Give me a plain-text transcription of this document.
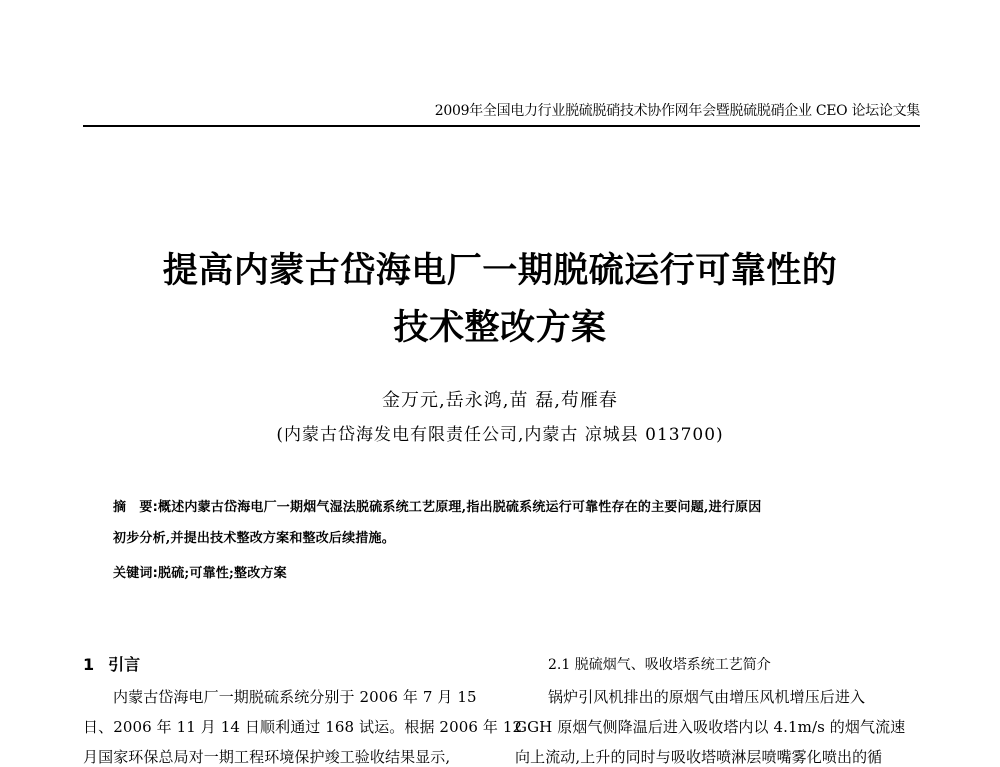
2009年全国电力行业脱硫脱硝技术协作网年会暨脱硫脱硝企业 CEO 论坛论文集
提高内蒙古岱海电厂一期脱硫运行可靠性的
技术整改方案
金万元,岳永鸿,苗 磊,苟雁春
(内蒙古岱海发电有限责任公司,内蒙古 凉城县 013700)
摘　要:概述内蒙古岱海电厂一期烟气湿法脱硫系统工艺原理,指出脱硫系统运行可靠性存在的主要问题,进行原因
初步分析,并提出技术整改方案和整改后续措施。
关键词:脱硫;可靠性;整改方案
1 引言
内蒙古岱海电厂一期脱硫系统分别于 2006 年 7 月 15
日、2006 年 11 月 14 日顺利通过 168 试运。根据 2006 年 12
月国家环保总局对一期工程环境保护竣工验收结果显示,
2.1 脱硫烟气、吸收塔系统工艺简介
锅炉引风机排出的原烟气由增压风机增压后进入
GGH 原烟气侧降温后进入吸收塔内以 4.1m/s 的烟气流速
向上流动,上升的同时与吸收塔喷淋层喷嘴雾化喷出的循
